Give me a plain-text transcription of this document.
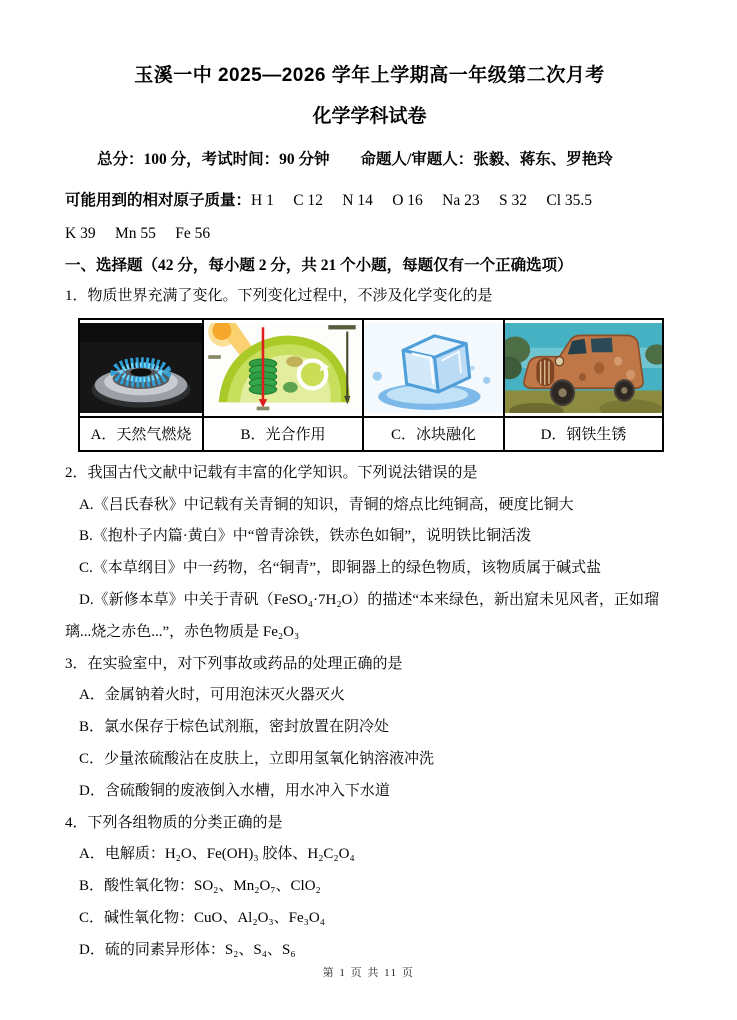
玉溪一中 2025—2026 学年上学期高一年级第二次月考
化学学科试卷

总分：100 分，考试时间：90 分钟　　命题人/审题人：张毅、蒋东、罗艳玲

可能用到的相对原子质量：H 1　 C 12　 N 14　 O 16　 Na 23　 S 32　 Cl 35.5

K 39　 Mn 55　 Fe 56

一、选择题（42 分，每小题 2 分，共 21 个小题，每题仅有一个正确选项）

1．物质世界充满了变化。下列变化过程中，不涉及化学变化的是

A．天然气燃烧	B．光合作用	C．冰块融化	D．钢铁生锈

2．我国古代文献中记载有丰富的化学知识。下列说法错误的是

A.《吕氏春秋》中记载有关青铜的知识，青铜的熔点比纯铜高，硬度比铜大

B.《抱朴子内篇·黄白》中“曾青涂铁，铁赤色如铜”，说明铁比铜活泼

C.《本草纲目》中一药物，名“铜青”，即铜器上的绿色物质，该物质属于碱式盐

D.《新修本草》中关于青矾（FeSO₄·7H₂O）的描述“本来绿色，新出窟未见风者，正如瑠璃...烧之赤色...”，赤色物质是 Fe₂O₃

3．在实验室中，对下列事故或药品的处理正确的是

A．金属钠着火时，可用泡沫灭火器灭火

B．氯水保存于棕色试剂瓶，密封放置在阴冷处

C．少量浓硫酸沾在皮肤上，立即用氢氧化钠溶液冲洗

D．含硫酸铜的废液倒入水槽，用水冲入下水道

4．下列各组物质的分类正确的是

A．电解质：H₂O、Fe(OH)₃ 胶体、H₂C₂O₄

B．酸性氧化物：SO₂、Mn₂O₇、ClO₂

C．碱性氧化物：CuO、Al₂O₃、Fe₃O₄

D．硫的同素异形体：S₂、S₄、S₆

第 1 页 共 11 页
